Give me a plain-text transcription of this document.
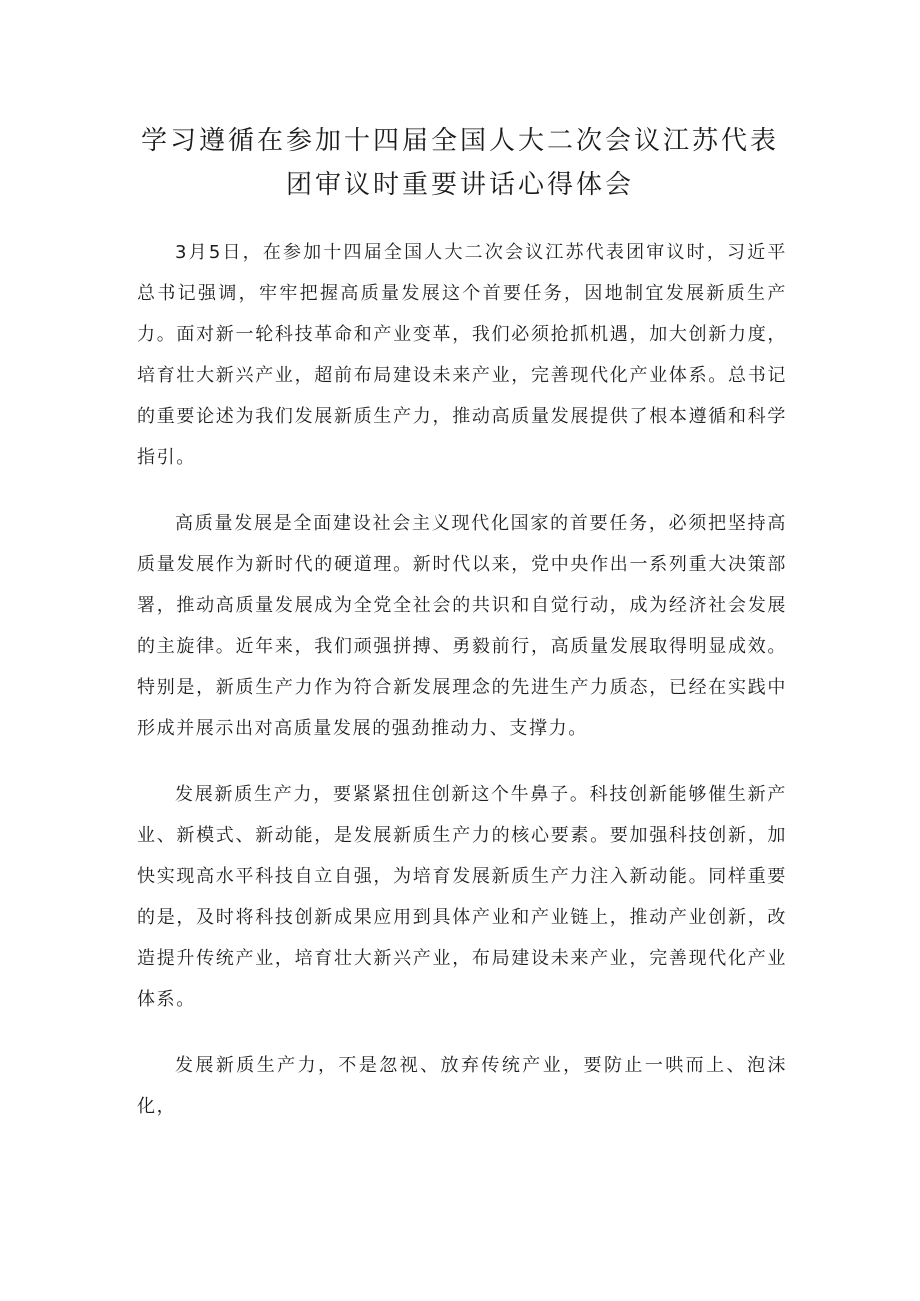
学习遵循在参加十四届全国人大二次会议江苏代表
团审议时重要讲话心得体会

3月5日，在参加十四届全国人大二次会议江苏代表团审议时，习近平总书记强调，牢牢把握高质量发展这个首要任务，因地制宜发展新质生产力。面对新一轮科技革命和产业变革，我们必须抢抓机遇，加大创新力度，培育壮大新兴产业，超前布局建设未来产业，完善现代化产业体系。总书记的重要论述为我们发展新质生产力，推动高质量发展提供了根本遵循和科学指引。

高质量发展是全面建设社会主义现代化国家的首要任务，必须把坚持高质量发展作为新时代的硬道理。新时代以来，党中央作出一系列重大决策部署，推动高质量发展成为全党全社会的共识和自觉行动，成为经济社会发展的主旋律。近年来，我们顽强拼搏、勇毅前行，高质量发展取得明显成效。特别是，新质生产力作为符合新发展理念的先进生产力质态，已经在实践中形成并展示出对高质量发展的强劲推动力、支撑力。

发展新质生产力，要紧紧扭住创新这个牛鼻子。科技创新能够催生新产业、新模式、新动能，是发展新质生产力的核心要素。要加强科技创新，加快实现高水平科技自立自强，为培育发展新质生产力注入新动能。同样重要的是，及时将科技创新成果应用到具体产业和产业链上，推动产业创新，改造提升传统产业，培育壮大新兴产业，布局建设未来产业，完善现代化产业体系。

发展新质生产力，不是忽视、放弃传统产业，要防止一哄而上、泡沫化，
